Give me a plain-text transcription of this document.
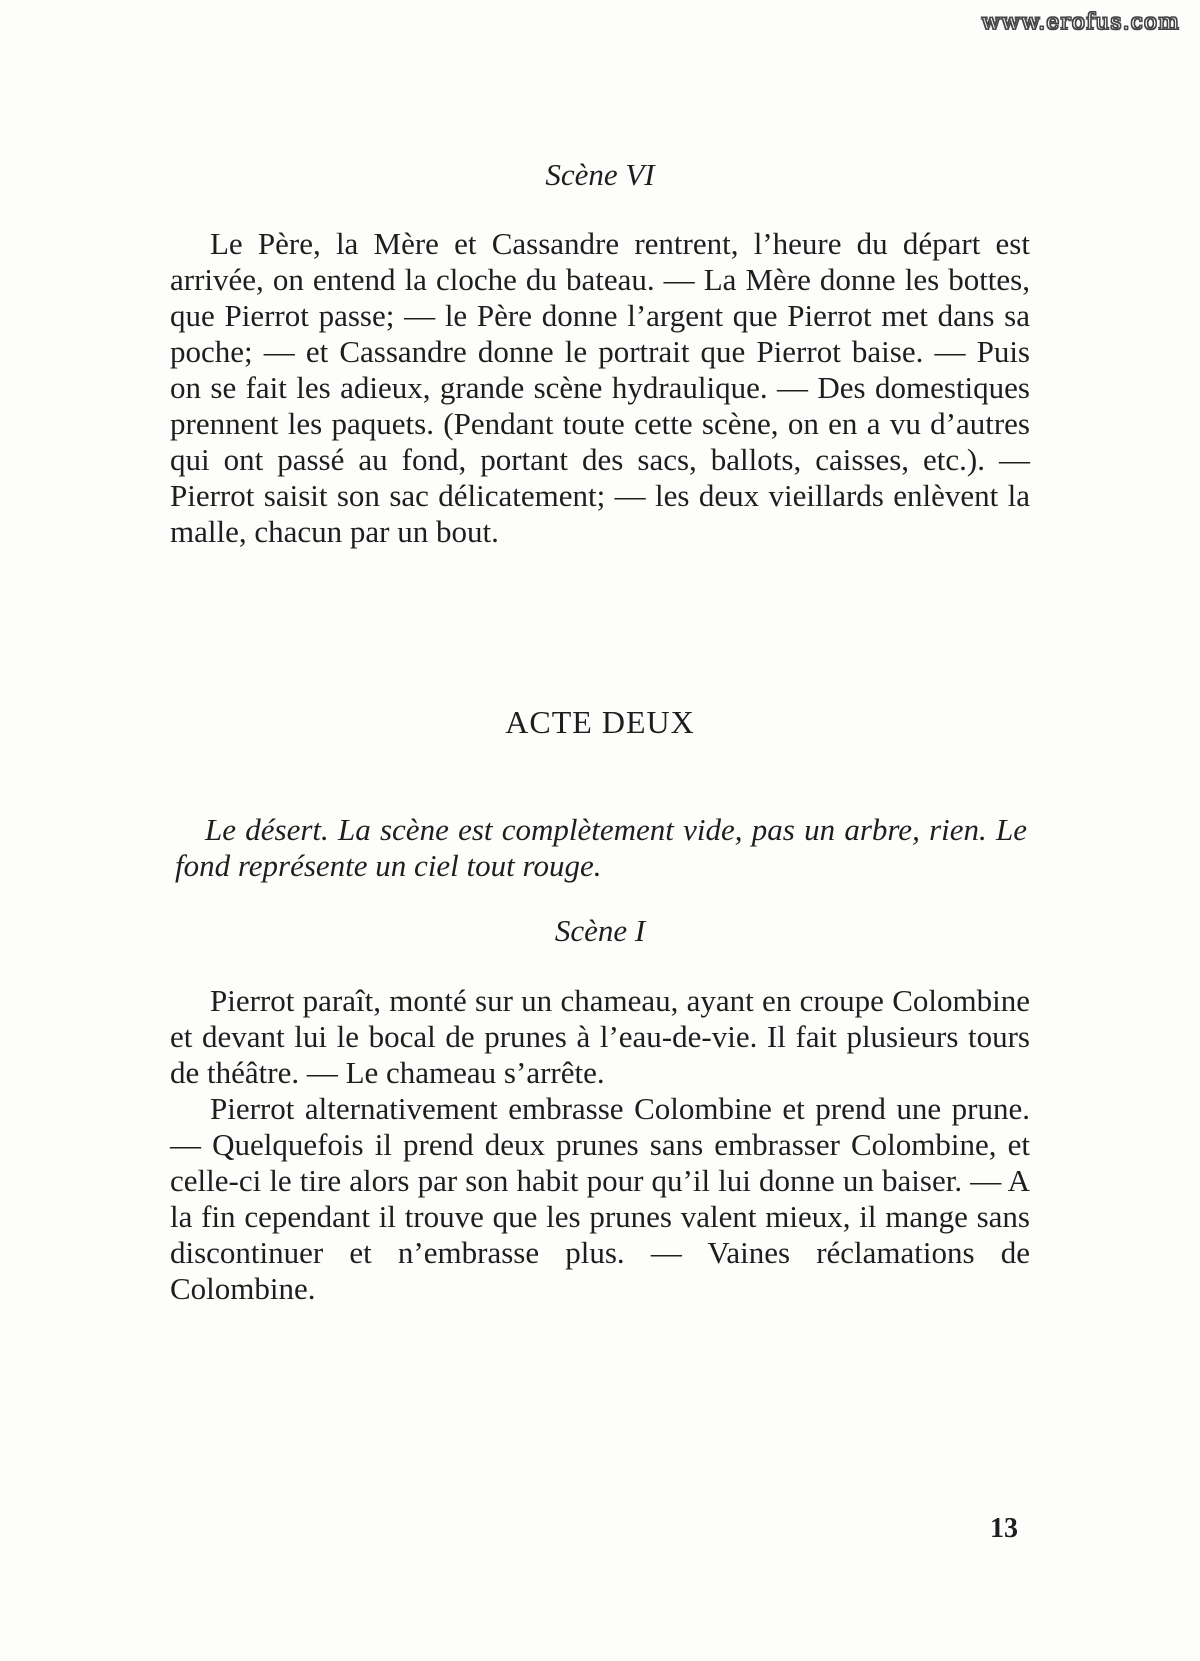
www.erofus.com
Scène VI

Le Père, la Mère et Cassandre rentrent, l’heure du départ est arrivée, on entend la cloche du bateau. — La Mère donne les bottes, que Pierrot passe; — le Père donne l’argent que Pierrot met dans sa poche; — et Cassandre donne le portrait que Pierrot baise. — Puis on se fait les adieux, grande scène hydraulique. — Des domestiques prennent les paquets. (Pendant toute cette scène, on en a vu d’autres qui ont passé au fond, portant des sacs, ballots, caisses, etc.). — Pierrot saisit son sac délicatement; — les deux vieillards enlèvent la malle, chacun par un bout.

ACTE DEUX

Le désert. La scène est complètement vide, pas un arbre, rien. Le fond représente un ciel tout rouge.

Scène I

Pierrot paraît, monté sur un chameau, ayant en croupe Colombine et devant lui le bocal de prunes à l’eau-de-vie. Il fait plusieurs tours de théâtre. — Le chameau s’arrête.

Pierrot alternativement embrasse Colombine et prend une prune. — Quelquefois il prend deux prunes sans embrasser Colombine, et celle-ci le tire alors par son habit pour qu’il lui donne un baiser. — A la fin cependant il trouve que les prunes valent mieux, il mange sans discontinuer et n’embrasse plus. — Vaines réclamations de Colombine.

13
